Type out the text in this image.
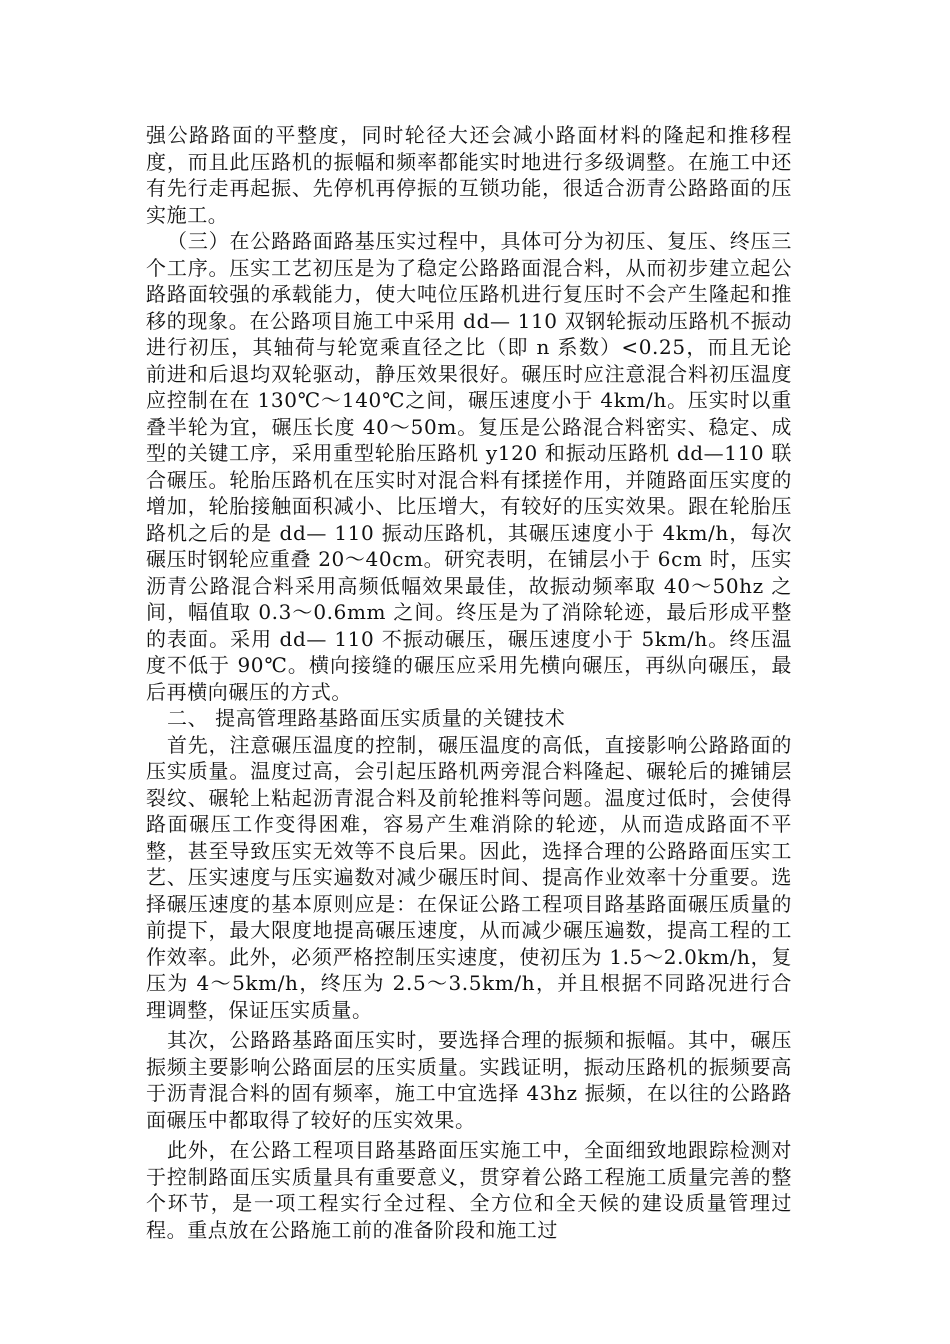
强公路路面的平整度，同时轮径大还会减小路面材料的隆起和推移程度，而且此压路机的振幅和频率都能实时地进行多级调整。在施工中还有先行走再起振、先停机再停振的互锁功能，很适合沥青公路路面的压实施工。

（三）在公路路面路基压实过程中，具体可分为初压、复压、终压三个工序。压实工艺初压是为了稳定公路路面混合料，从而初步建立起公路路面较强的承载能力，使大吨位压路机进行复压时不会产生隆起和推移的现象。在公路项目施工中采用 dd— 110 双钢轮振动压路机不振动进行初压，其轴荷与轮宽乘直径之比（即 n 系数）<0.25，而且无论前进和后退均双轮驱动，静压效果很好。碾压时应注意混合料初压温度应控制在在 130℃～140℃之间，碾压速度小于 4km/h。压实时以重叠半轮为宜，碾压长度 40～50m。复压是公路混合料密实、稳定、成型的关键工序，采用重型轮胎压路机 y120 和振动压路机 dd—110 联合碾压。轮胎压路机在压实时对混合料有揉搓作用，并随路面压实度的增加，轮胎接触面积减小、比压增大，有较好的压实效果。跟在轮胎压路机之后的是 dd— 110 振动压路机，其碾压速度小于 4km/h，每次碾压时钢轮应重叠 20～40cm。研究表明，在铺层小于 6cm 时，压实沥青公路混合料采用高频低幅效果最佳，故振动频率取 40～50hz 之间，幅值取 0.3～0.6mm 之间。终压是为了消除轮迹，最后形成平整的表面。采用 dd— 110 不振动碾压，碾压速度小于 5km/h。终压温度不低于 90℃。横向接缝的碾压应采用先横向碾压，再纵向碾压，最后再横向碾压的方式。

二、 提高管理路基路面压实质量的关键技术

首先，注意碾压温度的控制，碾压温度的高低，直接影响公路路面的压实质量。温度过高，会引起压路机两旁混合料隆起、碾轮后的摊铺层裂纹、碾轮上粘起沥青混合料及前轮推料等问题。温度过低时，会使得路面碾压工作变得困难，容易产生难消除的轮迹，从而造成路面不平整，甚至导致压实无效等不良后果。因此，选择合理的公路路面压实工艺、压实速度与压实遍数对减少碾压时间、提高作业效率十分重要。选择碾压速度的基本原则应是：在保证公路工程项目路基路面碾压质量的前提下，最大限度地提高碾压速度，从而减少碾压遍数，提高工程的工作效率。此外，必须严格控制压实速度，使初压为 1.5～2.0km/h，复压为 4～5km/h，终压为 2.5～3.5km/h，并且根据不同路况进行合理调整，保证压实质量。

其次，公路路基路面压实时，要选择合理的振频和振幅。其中，碾压振频主要影响公路面层的压实质量。实践证明，振动压路机的振频要高于沥青混合料的固有频率，施工中宜选择 43hz 振频，在以往的公路路面碾压中都取得了较好的压实效果。

此外，在公路工程项目路基路面压实施工中，全面细致地跟踪检测对于控制路面压实质量具有重要意义，贯穿着公路工程施工质量完善的整个环节，是一项工程实行全过程、全方位和全天候的建设质量管理过程。重点放在公路施工前的准备阶段和施工过
